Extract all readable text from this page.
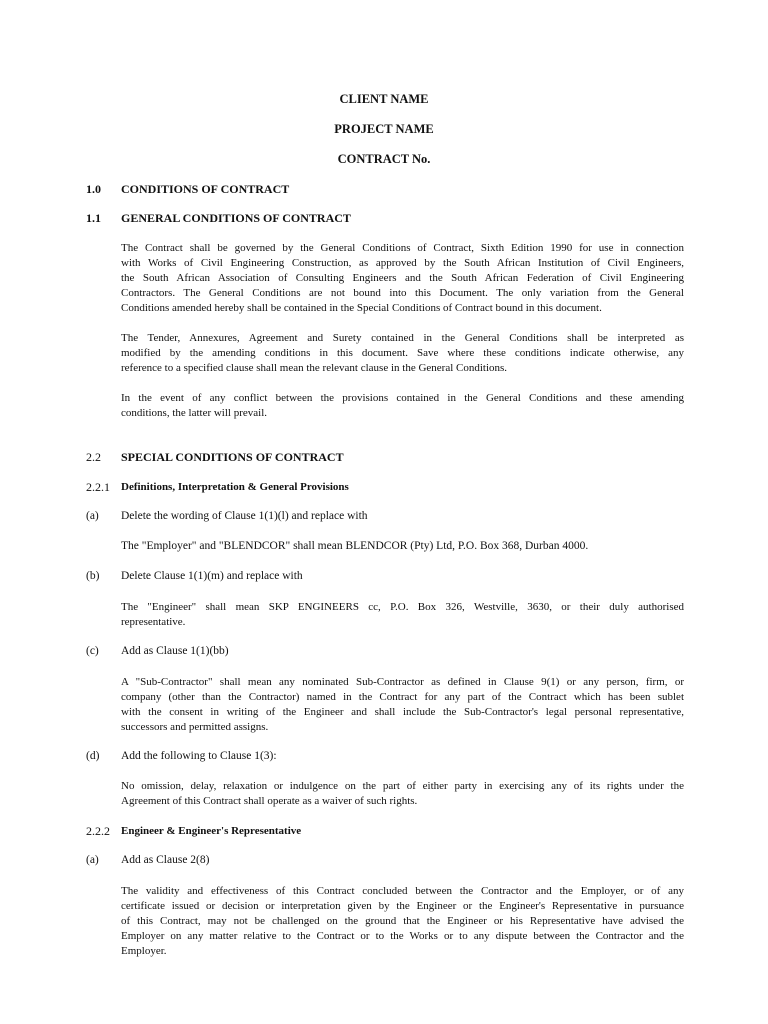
CLIENT NAME
PROJECT NAME
CONTRACT No.
1.0 CONDITIONS OF CONTRACT
1.1 GENERAL CONDITIONS OF CONTRACT

The Contract shall be governed by the General Conditions of Contract, Sixth Edition 1990 for use in connection

with Works of Civil Engineering Construction, as approved by the South African Institution of Civil Engineers,

the South African Association of Consulting Engineers and the South African Federation of Civil Engineering

Contractors. The General Conditions are not bound into this Document. The only variation from the General

Conditions amended hereby shall be contained in the Special Conditions of Contract bound in this document.

The Tender, Annexures, Agreement and Surety contained in the General Conditions shall be interpreted as

modified by the amending conditions in this document. Save where these conditions indicate otherwise, any

reference to a specified clause shall mean the relevant clause in the General Conditions.

In the event of any conflict between the provisions contained in the General Conditions and these amending

conditions, the latter will prevail.

2.2 SPECIAL CONDITIONS OF CONTRACT
2.2.1 Definitions, Interpretation & General Provisions
(a) Delete the wording of Clause 1(1)(l) and replace with
The "Employer" and "BLENDCOR" shall mean BLENDCOR (Pty) Ltd, P.O. Box 368, Durban 4000.
(b) Delete Clause 1(1)(m) and replace with

The "Engineer" shall mean SKP ENGINEERS cc, P.O. Box 326, Westville, 3630, or their duly authorised

representative.

(c) Add as Clause 1(1)(bb)

A "Sub-Contractor" shall mean any nominated Sub-Contractor as defined in Clause 9(1) or any person, firm, or

company (other than the Contractor) named in the Contract for any part of the Contract which has been sublet

with the consent in writing of the Engineer and shall include the Sub-Contractor's legal personal representative,

successors and permitted assigns.

(d) Add the following to Clause 1(3):

No omission, delay, relaxation or indulgence on the part of either party in exercising any of its rights under the

Agreement of this Contract shall operate as a waiver of such rights.

2.2.2 Engineer & Engineer's Representative
(a) Add as Clause 2(8)

The validity and effectiveness of this Contract concluded between the Contractor and the Employer, or of any

certificate issued or decision or interpretation given by the Engineer or the Engineer's Representative in pursuance

of this Contract, may not be challenged on the ground that the Engineer or his Representative have advised the

Employer on any matter relative to the Contract or to the Works or to any dispute between the Contractor and the

Employer.
